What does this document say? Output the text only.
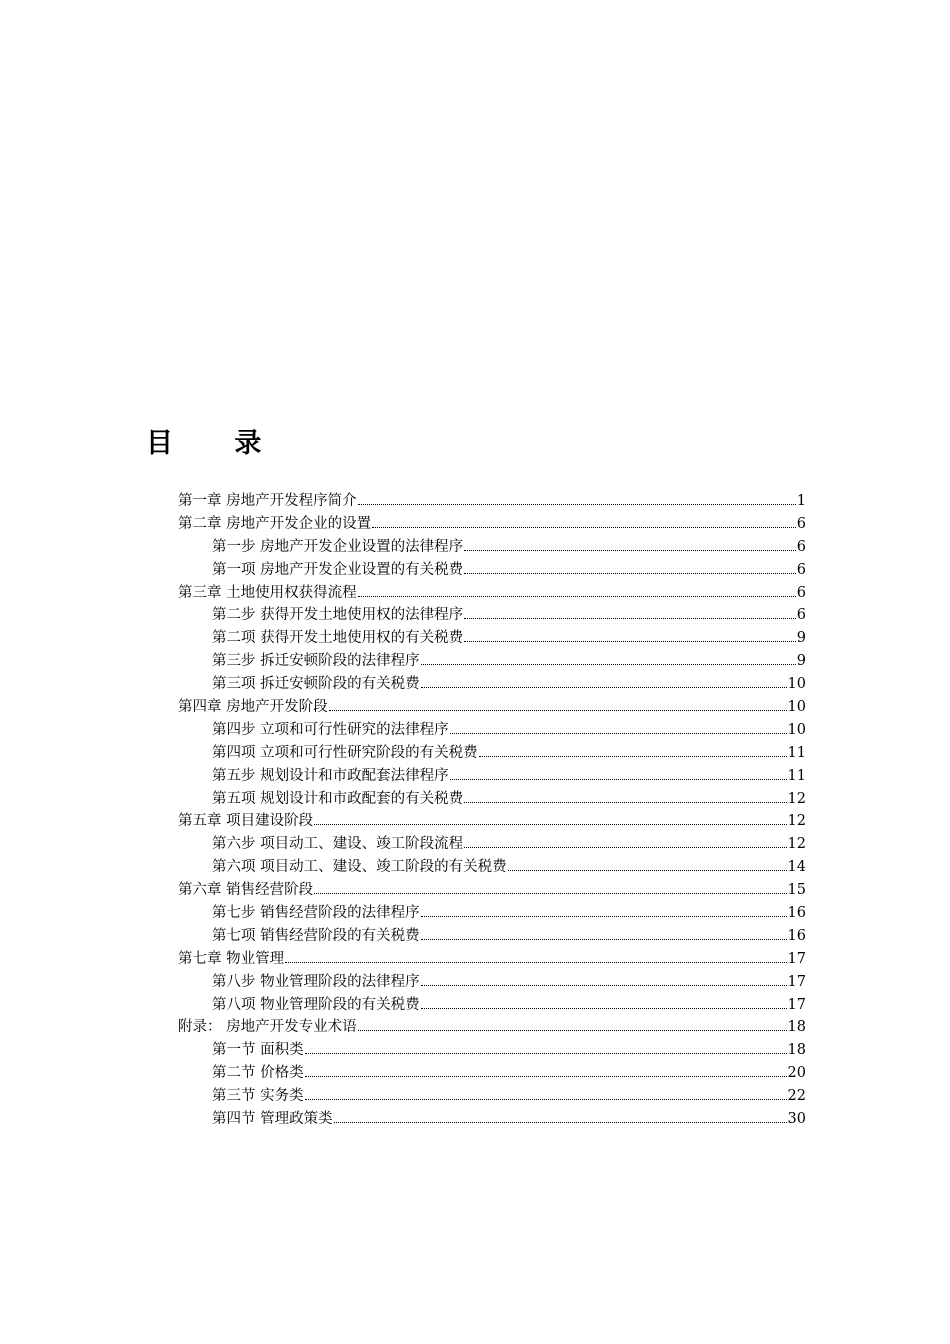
目 录
第一章 房地产开发程序简介	1
第二章 房地产开发企业的设置	6
第一步 房地产开发企业设置的法律程序	6
第一项 房地产开发企业设置的有关税费	6
第三章 土地使用权获得流程	6
第二步 获得开发土地使用权的法律程序	6
第二项 获得开发土地使用权的有关税费	9
第三步 拆迁安顿阶段的法律程序	9
第三项 拆迁安顿阶段的有关税费	10
第四章 房地产开发阶段	10
第四步 立项和可行性研究的法律程序	10
第四项 立项和可行性研究阶段的有关税费	11
第五步 规划设计和市政配套法律程序	11
第五项 规划设计和市政配套的有关税费	12
第五章 项目建设阶段	12
第六步 项目动工、建设、竣工阶段流程	12
第六项 项目动工、建设、竣工阶段的有关税费	14
第六章 销售经营阶段	15
第七步 销售经营阶段的法律程序	16
第七项 销售经营阶段的有关税费	16
第七章 物业管理	17
第八步 物业管理阶段的法律程序	17
第八项 物业管理阶段的有关税费	17
附录： 房地产开发专业术语	18
第一节 面积类	18
第二节 价格类	20
第三节 实务类	22
第四节 管理政策类	30
